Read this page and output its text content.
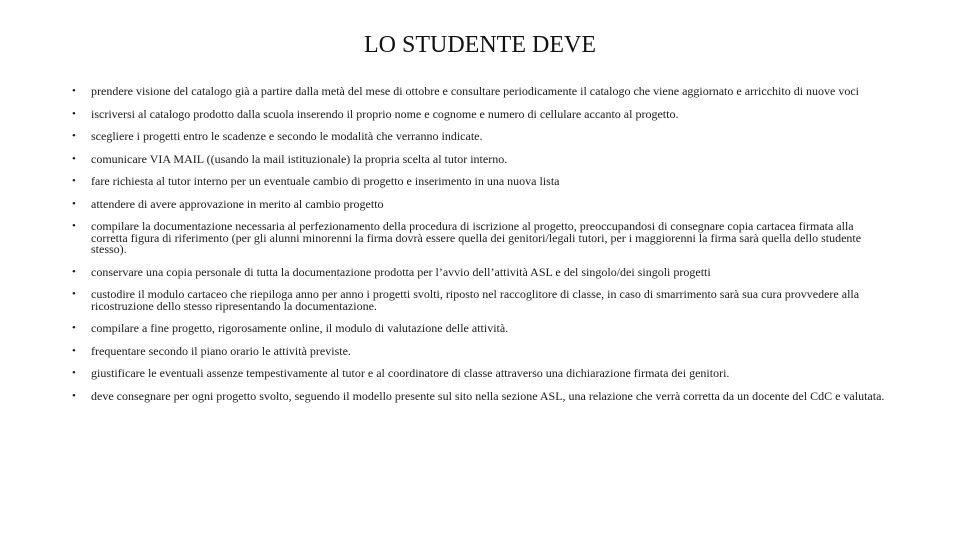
LO STUDENTE DEVE
• prendere visione del catalogo già a partire dalla metà del mese di ottobre e consultare periodicamente il catalogo che viene aggiornato e arricchito di nuove voci
• iscriversi al catalogo prodotto dalla scuola inserendo il proprio nome e cognome e numero di cellulare accanto al progetto.
• scegliere i progetti entro le scadenze e secondo le modalità che verranno indicate.
• comunicare VIA MAIL ((usando la mail istituzionale) la propria scelta al tutor interno.
• fare richiesta al tutor interno per un eventuale cambio di progetto e inserimento in una nuova lista
• attendere di avere approvazione in merito al cambio progetto
• compilare la documentazione necessaria al perfezionamento della procedura di iscrizione al progetto, preoccupandosi di consegnare copia cartacea firmata alla corretta figura di riferimento (per gli alunni minorenni la firma dovrà essere quella dei genitori/legali tutori, per i maggiorenni la firma sarà quella dello studente stesso).
• conservare una copia personale di tutta la documentazione prodotta per l’avvio dell’attività ASL e del singolo/dei singoli progetti
• custodire il modulo cartaceo che riepiloga anno per anno i progetti svolti, riposto nel raccoglitore di classe, in caso di smarrimento sarà sua cura provvedere alla ricostruzione dello stesso ripresentando la documentazione.
• compilare a fine progetto, rigorosamente online, il modulo di valutazione delle attività.
• frequentare secondo il piano orario le attività previste.
• giustificare le eventuali assenze tempestivamente al tutor e al coordinatore di classe attraverso una dichiarazione firmata dei genitori.
• deve consegnare per ogni progetto svolto, seguendo il modello presente sul sito nella sezione ASL, una relazione che verrà corretta da un docente del CdC e valutata.
